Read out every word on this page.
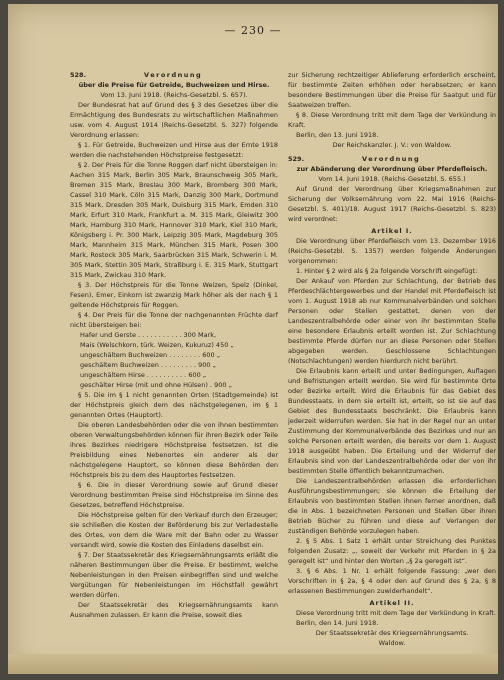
— 230 —
528.	Verordnung
über die Preise für Getreide, Buchweizen und Hirse.
Vom 13. Juni 1918. (Reichs-Gesetzbl. S. 657).

Der Bundesrat hat auf Grund des § 3 des Gesetzes über die Ermächtigung des Bundesrats zu wirtschaftlichen Maßnahmen usw. vom 4. August 1914 (Reichs-Gesetzbl. S. 327) folgende Verordnung erlassen:

§ 1. Für Getreide, Buchweizen und Hirse aus der Ernte 1918 werden die nachstehenden Höchstpreise festgesetzt:

§ 2. Der Preis für die Tonne Roggen darf nicht übersteigen in: Aachen 315 Mark, Berlin 305 Mark, Braunschweig 305 Mark, Bremen 315 Mark, Breslau 300 Mark, Bromberg 300 Mark, Cassel 310 Mark, Cöln 315 Mark, Danzig 300 Mark, Dortmund 315 Mark, Dresden 305 Mark, Duisburg 315 Mark, Emden 310 Mark, Erfurt 310 Mark, Frankfurt a. M. 315 Mark, Gleiwitz 300 Mark, Hamburg 310 Mark, Hannover 310 Mark, Kiel 310 Mark, Königsberg i. Pr. 300 Mark, Leipzig 305 Mark, Magdeburg 305 Mark, Mannheim 315 Mark, München 315 Mark, Posen 300 Mark, Rostock 305 Mark, Saarbrücken 315 Mark, Schwerin i. M. 305 Mark, Stettin 305 Mark, Straßburg i. E. 315 Mark, Stuttgart 315 Mark, Zwickau 310 Mark.

§ 3. Der Höchstpreis für die Tonne Weizen, Spelz (Dinkel, Fesen), Emer, Einkorn ist zwanzig Mark höher als der nach § 1 geltende Höchstpreis für Roggen.

§ 4. Der Preis für die Tonne der nachgenannten Früchte darf nicht übersteigen bei:

Hafer und Gerste . . . . . . . . . . . 300 Mark,
Mais (Welschkorn, türk. Weizen, Kukuruz) 450 „
ungeschältem Buchweizen . . . . . . . . 600 „
geschältem Buchweizen . . . . . . . . . 900 „
ungeschältem Hirse . . . . . . . . . . 600 „
geschälter Hirse (mit und ohne Hülsen) . 900 „

§ 5. Die im § 1 nicht genannten Orten (Stadtgemeinde) ist der Höchstpreis gleich dem des nächstgelegenen, im § 1 genannten Ortes (Hauptort).

Die oberen Landesbehörden oder die von ihnen bestimmten oberen Verwaltungsbehörden können für ihren Bezirk oder Teile ihres Bezirkes niedrigere Höchstpreise festsetzen. Ist die Preisbildung eines Nebenortes ein anderer als der nächstgelegene Hauptort, so können diese Behörden den Höchstpreis bis zu dem des Hauptortes festsetzen.

§ 6. Die in dieser Verordnung sowie auf Grund dieser Verordnung bestimmten Preise sind Höchstpreise im Sinne des Gesetzes, betreffend Höchstpreise.

Die Höchstpreise gelten für den Verkauf durch den Erzeuger; sie schließen die Kosten der Beförderung bis zur Verladestelle des Ortes, von dem die Ware mit der Bahn oder zu Wasser versandt wird, sowie die Kosten des Einladens daselbst ein.

§ 7. Der Staatssekretär des Kriegsernährungsamts erläßt die näheren Bestimmungen über die Preise. Er bestimmt, welche Nebenleistungen in den Preisen einbegriffen sind und welche Vergütungen für Nebenleistungen im Höchstfall gewährt werden dürfen.

Der Staatssekretär des Kriegsernährungsamts kann Ausnahmen zulassen. Er kann die Preise, soweit dies

zur Sicherung rechtzeitiger Ablieferung erforderlich erscheint, für bestimmte Zeiten erhöhen oder herabsetzen; er kann besondere Bestimmungen über die Preise für Saatgut und für Saatweizen treffen.

§ 8. Diese Verordnung tritt mit dem Tage der Verkündung in Kraft.

Berlin, den 13. Juni 1918.
Der Reichskanzler. J. V.: von Waldow.
529.	Verordnung
zur Abänderung der Verordnung über Pferdefleisch.
Vom 14. Juni 1918. (Reichs-Gesetzbl. S. 655.)

Auf Grund der Verordnung über Kriegsmaßnahmen zur Sicherung der Volksernährung vom 22. Mai 1916 (Reichs-Gesetzbl. S. 401)/18. August 1917 (Reichs-Gesetzbl. S. 823) wird verordnet:

Artikel I.

Die Verordnung über Pferdefleisch vom 13. Dezember 1916 (Reichs-Gesetzbl. S. 1357) werden folgende Änderungen vorgenommen:

1. Hinter § 2 wird als § 2a folgende Vorschrift eingefügt:

Der Ankauf von Pferden zur Schlachtung, der Betrieb des Pferdeschlächtergewerbes und der Handel mit Pferdefleisch ist vom 1. August 1918 ab nur Kommunalverbänden und solchen Personen oder Stellen gestattet, denen von der Landeszentralbehörde oder einer von ihr bestimmten Stelle eine besondere Erlaubnis erteilt worden ist. Zur Schlachtung bestimmte Pferde dürfen nur an diese Personen oder Stellen abgegeben werden. Geschlossene Schlachtungen (Notschlachtungen) werden hierdurch nicht berührt.

Die Erlaubnis kann erteilt und unter Bedingungen, Auflagen und Befristungen erteilt werden. Sie wird für bestimmte Orte oder Bezirke erteilt. Wird die Erlaubnis für das Gebiet des Bundesstaats, in dem sie erteilt ist, erteilt, so ist sie auf das Gebiet des Bundesstaats beschränkt. Die Erlaubnis kann jederzeit widerrufen werden. Sie hat in der Regel nur an unter Zustimmung der Kommunalverbände des Bezirkes und nur an solche Personen erteilt werden, die bereits vor dem 1. August 1918 ausgeübt haben. Die Erteilung und der Widerruf der Erlaubnis sind von der Landeszentralbehörde oder der von ihr bestimmten Stelle öffentlich bekanntzumachen.

Die Landeszentralbehörden erlassen die erforderlichen Ausführungsbestimmungen; sie können die Erteilung der Erlaubnis von bestimmten Stellen ihnen ferner anordnen, daß die in Abs. 1 bezeichneten Personen und Stellen über ihren Betrieb Bücher zu führen und diese auf Verlangen der zuständigen Behörde vorzulegen haben.

2. § 5 Abs. 1 Satz 1 erhält unter Streichung des Punktes folgenden Zusatz: „, soweit der Verkehr mit Pferden in § 2a geregelt ist“ und hinter den Worten „§ 2a geregelt ist“.

3. § 6 Abs. 1 Nr. 1 erhält folgende Fassung: „wer den Vorschriften in § 2a, § 4 oder den auf Grund des § 2a, § 8 erlassenen Bestimmungen zuwiderhandelt“.

Artikel II.

Diese Verordnung tritt mit dem Tage der Verkündung in Kraft.

Berlin, den 14. Juni 1918.
Der Staatssekretär des Kriegsernährungsamts.
Waldow.
